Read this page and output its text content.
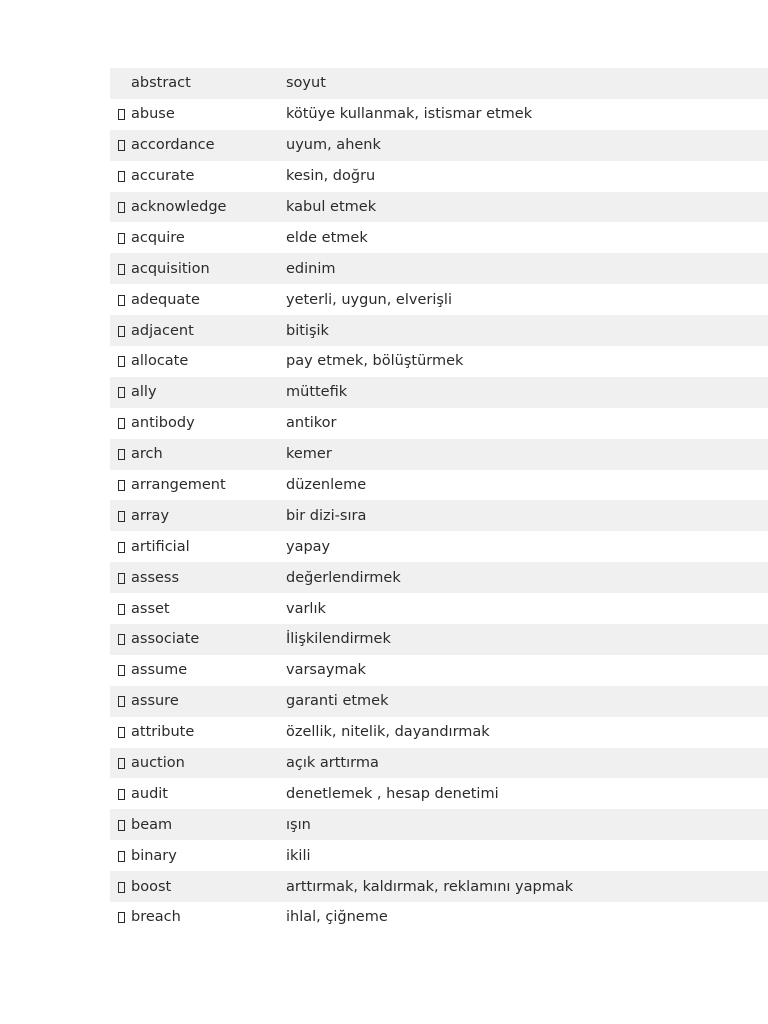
abstract	soyut
abuse	kötüye kullanmak, istismar etmek
accordance	uyum, ahenk
accurate	kesin, doğru
acknowledge	kabul etmek
acquire	elde etmek
acquisition	edinim
adequate	yeterli, uygun, elverişli
adjacent	bitişik
allocate	pay etmek, bölüştürmek
ally	müttefik
antibody	antikor
arch	kemer
arrangement	düzenleme
array	bir dizi-sıra
artificial	yapay
assess	değerlendirmek
asset	varlık
associate	İlişkilendirmek
assume	varsaymak
assure	garanti etmek
attribute	özellik, nitelik, dayandırmak
auction	açık arttırma
audit	denetlemek , hesap denetimi
beam	ışın
binary	ikili
boost	arttırmak, kaldırmak, reklamını yapmak
breach	ihlal, çiğneme
